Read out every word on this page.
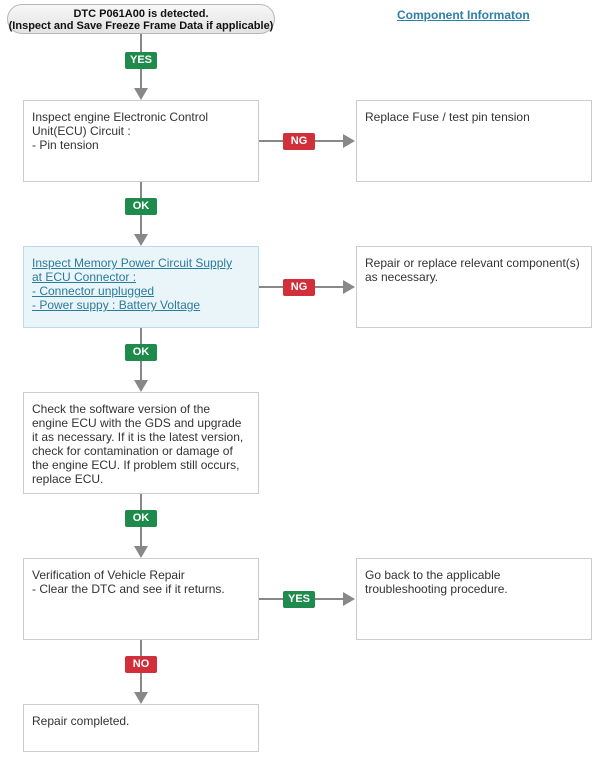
DTC P061A00 is detected.
(Inspect and Save Freeze Frame Data if applicable)
Component Informaton
YES
Inspect engine Electronic Control
Unit(ECU) Circuit :
- Pin tension	NG
Replace Fuse / test pin tension
OK
Inspect Memory Power Circuit Supply
at ECU Connector :
- Connector unplugged
- Power suppy : Battery Voltage
NG
Repair or replace relevant component(s)
as necessary.
OK
Check the software version of the
engine ECU with the GDS and upgrade
it as necessary. If it is the latest version,
check for contamination or damage of
the engine ECU. If problem still occurs,
replace ECU.
OK
Verification of Vehicle Repair
- Clear the DTC and see if it returns.
YES
Go back to the applicable
troubleshooting procedure.
NO
Repair completed.
